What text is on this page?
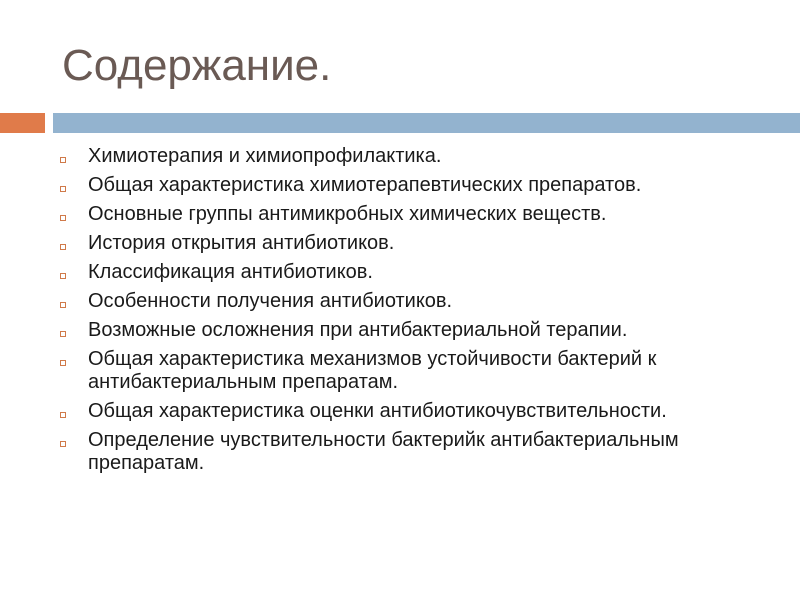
Содержание.
Химиотерапия и химиопрофилактика.
Общая характеристика химиотерапевтических препаратов.
Основные группы антимикробных химических веществ.
История открытия антибиотиков.
Классификация антибиотиков.
Особенности получения антибиотиков.
Возможные осложнения при антибактериальной терапии.
Общая характеристика механизмов устойчивости бактерий к антибактериальным препаратам.
Общая характеристика оценки антибиотикочувствительности.
Определение чувствительности бактерийк антибактериальным препаратам.
